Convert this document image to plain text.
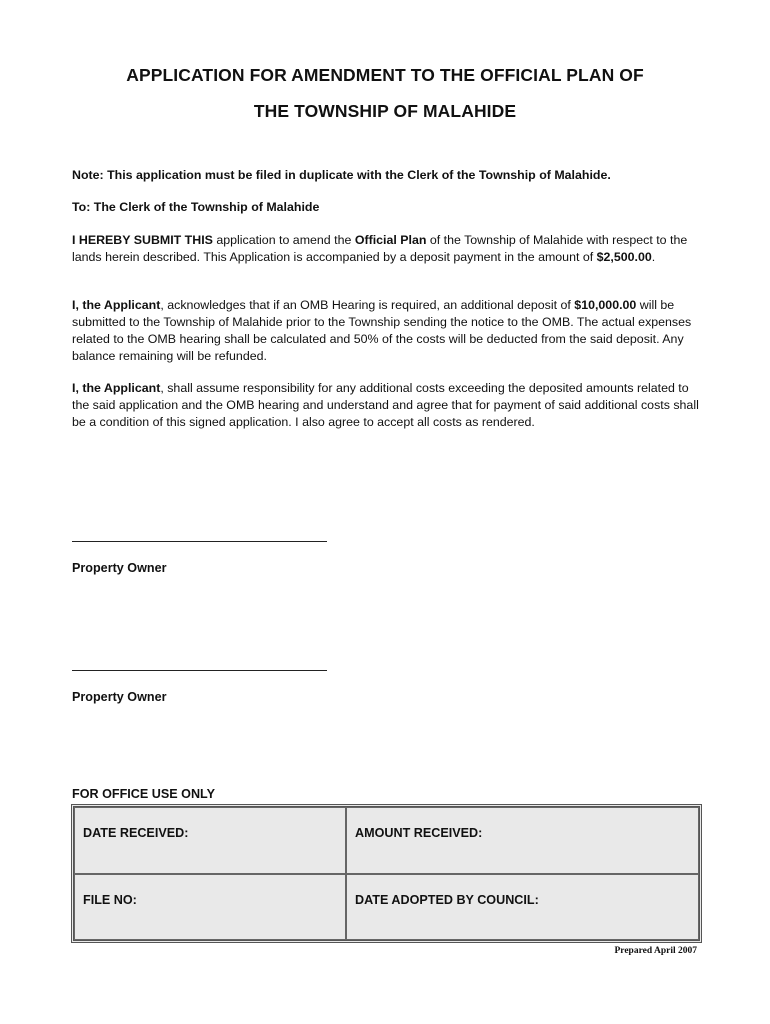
APPLICATION FOR AMENDMENT TO THE OFFICIAL PLAN OF
THE TOWNSHIP OF MALAHIDE
Note: This application must be filed in duplicate with the Clerk of the Township of Malahide.
To: The Clerk of the Township of Malahide
I HEREBY SUBMIT THIS application to amend the Official Plan of the Township of Malahide with respect to the lands herein described. This Application is accompanied by a deposit payment in the amount of $2,500.00.
I, the Applicant, acknowledges that if an OMB Hearing is required, an additional deposit of $10,000.00 will be submitted to the Township of Malahide prior to the Township sending the notice to the OMB. The actual expenses related to the OMB hearing shall be calculated and 50% of the costs will be deducted from the said deposit. Any balance remaining will be refunded.
I, the Applicant, shall assume responsibility for any additional costs exceeding the deposited amounts related to the said application and the OMB hearing and understand and agree that for payment of said additional costs shall be a condition of this signed application. I also agree to accept all costs as rendered.
Property Owner
Property Owner
FOR OFFICE USE ONLY
DATE RECEIVED:	AMOUNT RECEIVED:
FILE NO:	DATE ADOPTED BY COUNCIL:
Prepared April 2007
